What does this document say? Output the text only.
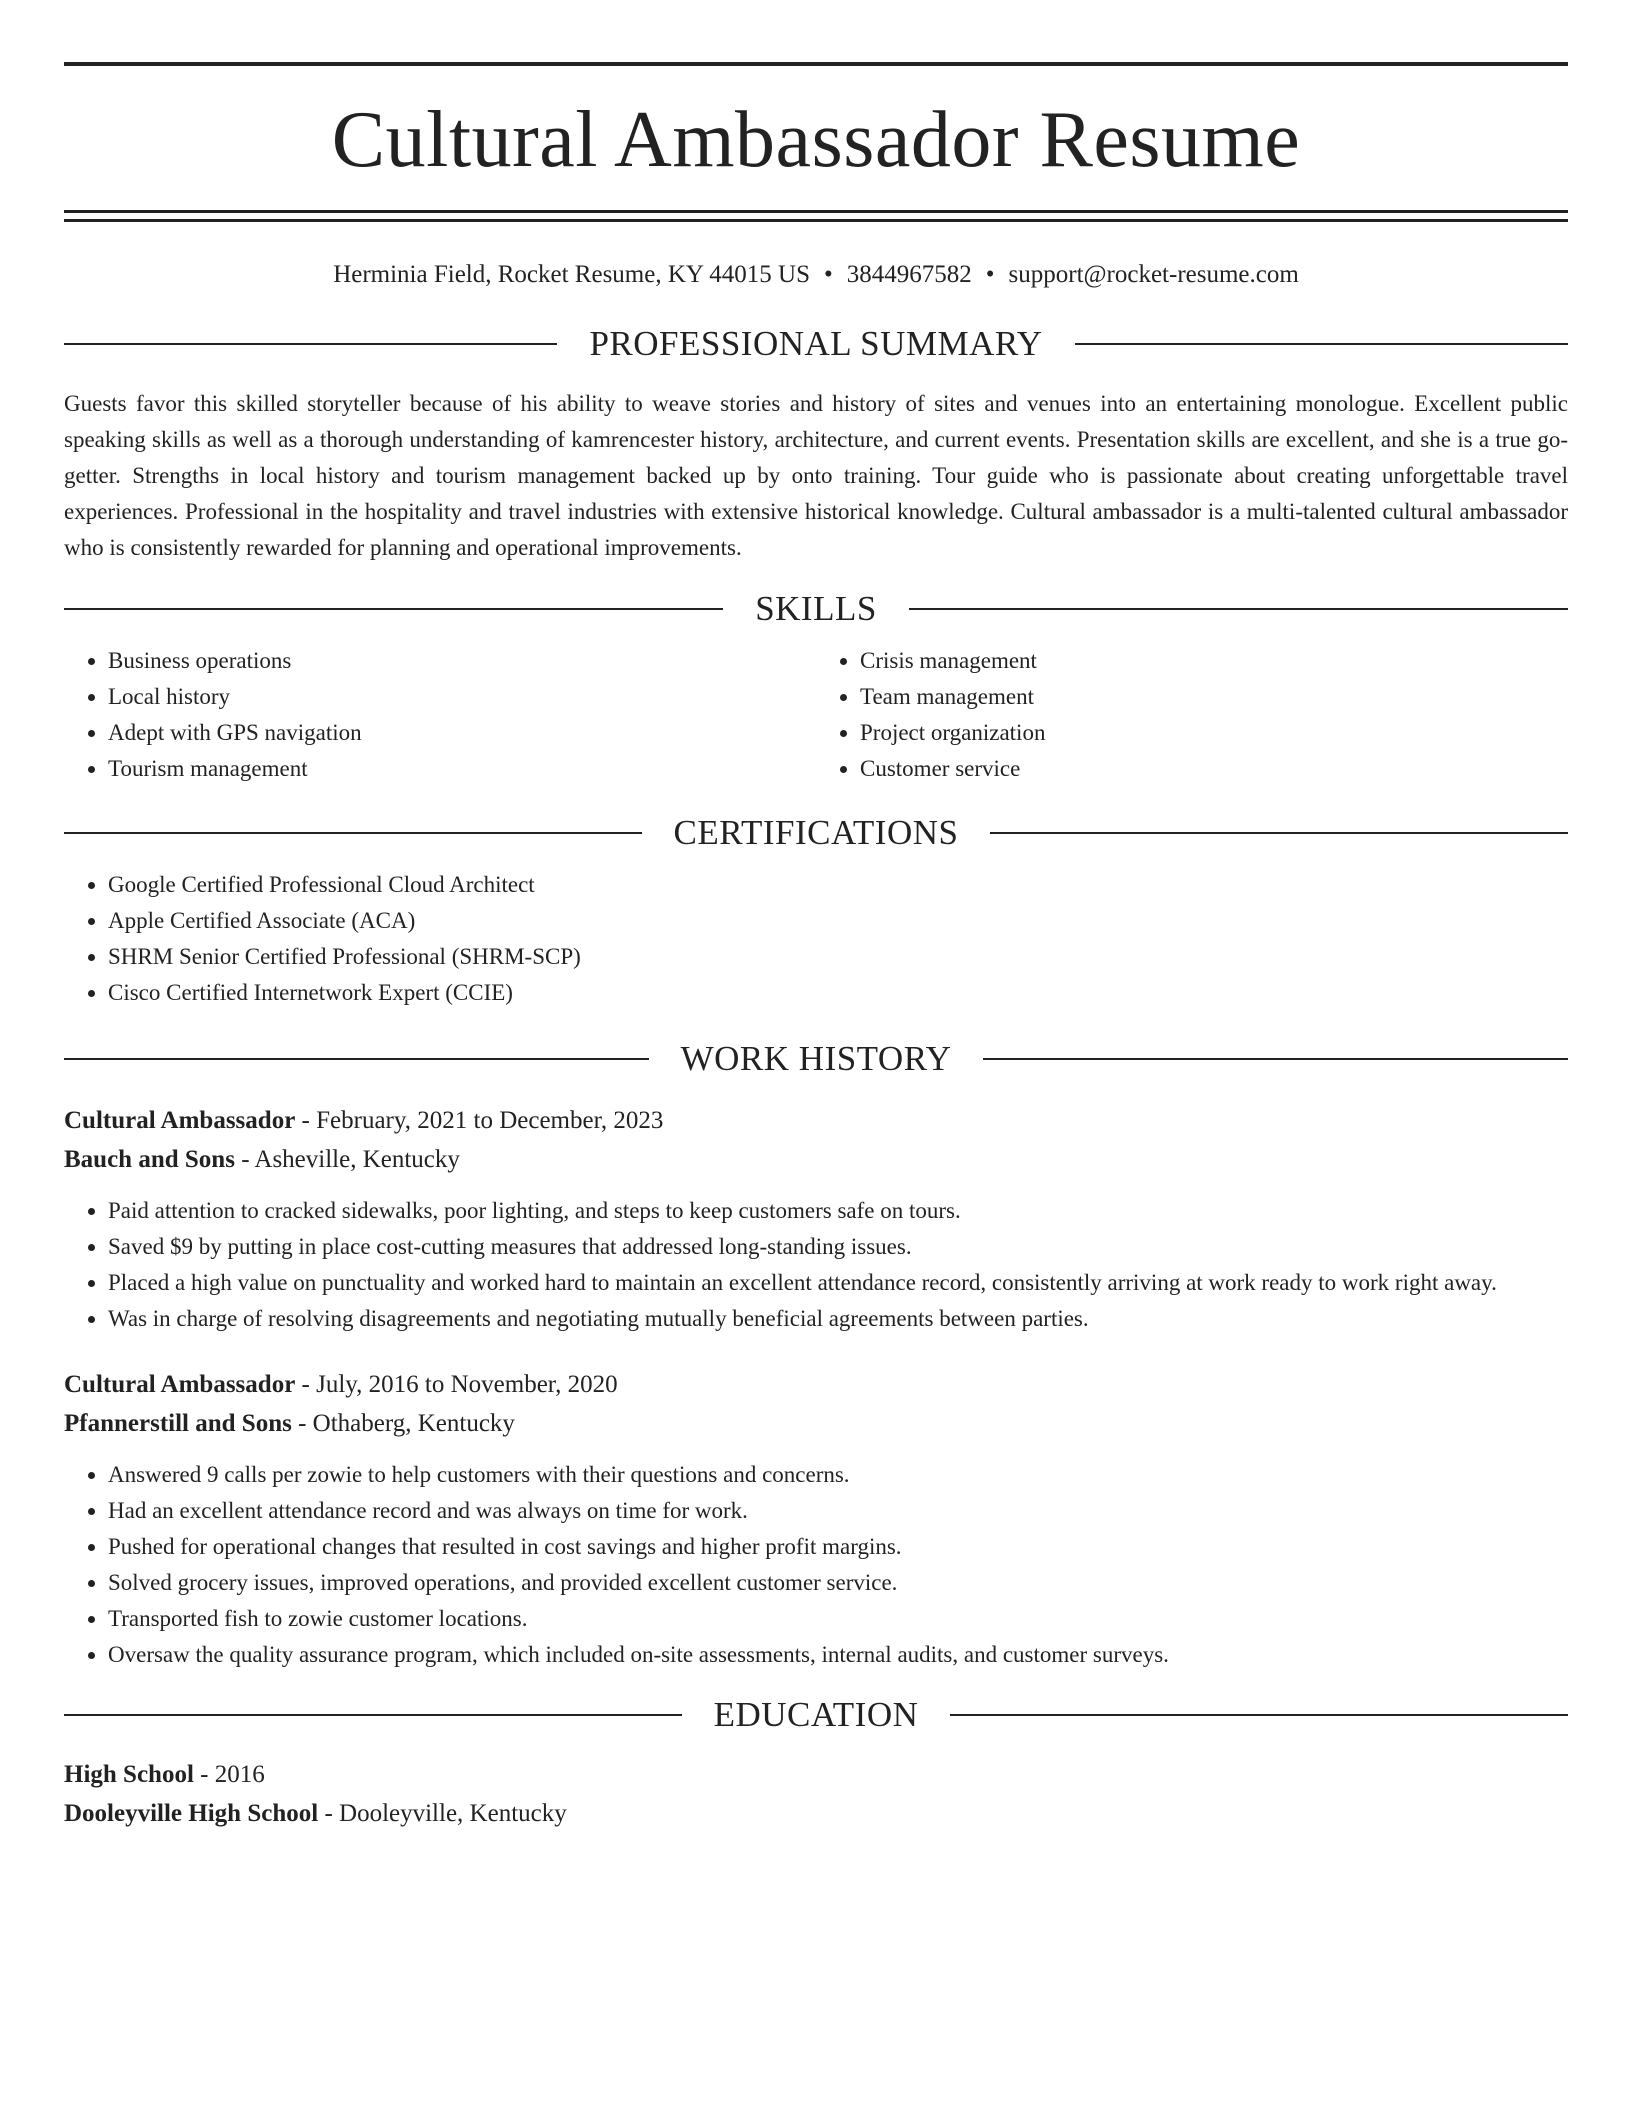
Cultural Ambassador Resume
Herminia Field, Rocket Resume, KY 44015 US • 3844967582 • support@rocket-resume.com
PROFESSIONAL SUMMARY

Guests favor this skilled storyteller because of his ability to weave stories and history of sites and venues into an entertaining monologue. Excellent public speaking skills as well as a thorough understanding of kamrencester history, architecture, and current events. Presentation skills are excellent, and she is a true go-getter. Strengths in local history and tourism management backed up by onto training. Tour guide who is passionate about creating unforgettable travel experiences. Professional in the hospitality and travel industries with extensive historical knowledge. Cultural ambassador is a multi-talented cultural ambassador who is consistently rewarded for planning and operational improvements.

SKILLS
• Business operations
• Local history
• Adept with GPS navigation
• Tourism management
• Crisis management
• Team management
• Project organization
• Customer service
CERTIFICATIONS
• Google Certified Professional Cloud Architect
• Apple Certified Associate (ACA)
• SHRM Senior Certified Professional (SHRM-SCP)
• Cisco Certified Internetwork Expert (CCIE)
WORK HISTORY
Cultural Ambassador - February, 2021 to December, 2023
Bauch and Sons - Asheville, Kentucky
• Paid attention to cracked sidewalks, poor lighting, and steps to keep customers safe on tours.
• Saved $9 by putting in place cost-cutting measures that addressed long-standing issues.
• Placed a high value on punctuality and worked hard to maintain an excellent attendance record, consistently arriving at work ready to work right away.
• Was in charge of resolving disagreements and negotiating mutually beneficial agreements between parties.
Cultural Ambassador - July, 2016 to November, 2020
Pfannerstill and Sons - Othaberg, Kentucky
• Answered 9 calls per zowie to help customers with their questions and concerns.
• Had an excellent attendance record and was always on time for work.
• Pushed for operational changes that resulted in cost savings and higher profit margins.
• Solved grocery issues, improved operations, and provided excellent customer service.
• Transported fish to zowie customer locations.
• Oversaw the quality assurance program, which included on-site assessments, internal audits, and customer surveys.
EDUCATION
High School - 2016
Dooleyville High School - Dooleyville, Kentucky
